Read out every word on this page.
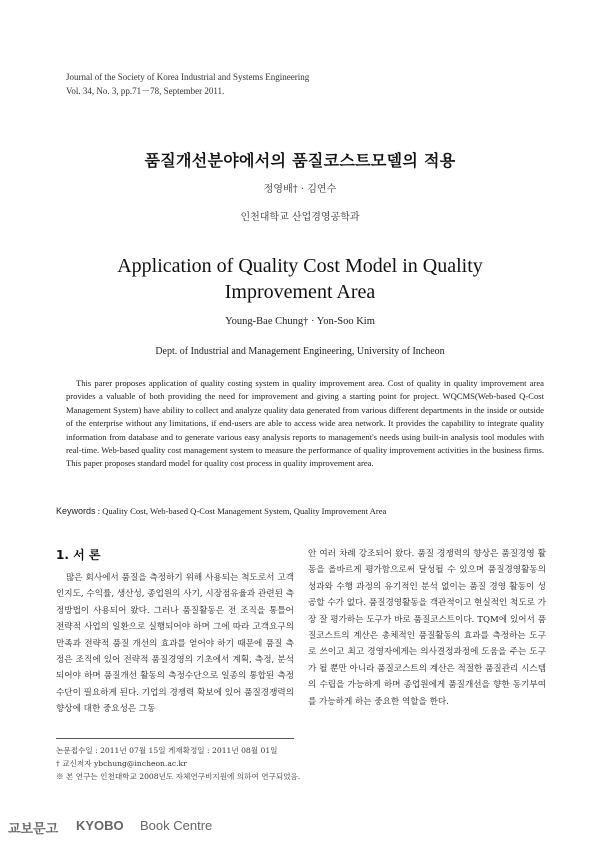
Journal of the Society of Korea Industrial and Systems Engineering
Vol. 34, No. 3, pp.71－78, September 2011.
품질개선분야에서의 품질코스트모델의 적용
정영배† · 김연수
인천대학교 산업경영공학과
Application of Quality Cost Model in Quality
Improvement Area
Young-Bae Chung† · Yon-Soo Kim
Dept. of Industrial and Management Engineering, University of Incheon
This parer proposes application of quality costing system in quality improvement area. Cost of quality in quality improvement area provides a valuable of both providing the need for improvement and giving a starting point for project. WQCMS(Web-based Q-Cost Management System) have ability to collect and analyze quality data generated from various different departments in the inside or outside of the enterprise without any limitations, if end-users are able to access wide area network. It provides the capability to integrate quality information from database and to generate various easy analysis reports to management's needs using built-in analysis tool modules with real-time. Web-based quality cost management system to measure the performance of quality improvement activities in the business firms. This paper proposes standard model for quality cost process in quality improvement area.
Keywords : Quality Cost, Web-based Q-Cost Management System, Quality Improvement Area
1. 서 론
많은 회사에서 품질을 측정하기 위해 사용되는 척도로서 고객인지도, 수익률, 생산성, 종업원의 사기, 시장점유율과 관련된 측정방법이 사용되어 왔다. 그러나 품질활동은 전 조직을 통틀어 전략적 사업의 일환으로 실행되어야 하며 그에 따라 고객요구의 만족과 전략적 품질 개선의 효과를 얻어야 하기 때문에 품질 측정은 조직에 있어 전략적 품질경영의 기초에서 계획, 측정, 분석되어야 하며 품질개선 활동의 측정수단으로 일종의 통합된 측정 수단이 필요하게 된다. 기업의 경쟁력 확보에 있어 품질경쟁력의 향상에 대한 중요성은 그동
안 여러 차례 강조되어 왔다. 품질 경쟁력의 향상은 품질경영 활동을 올바르게 평가함으로써 달성될 수 있으며 품질경영활동의 성과와 수행 과정의 유기적인 분석 없이는 품질 경영 활동이 성공할 수가 없다. 품질경영활동을 객관적이고 현실적인 척도로 가장 잘 평가하는 도구가 바로 품질코스트이다. TQM에 있어서 품질코스트의 계산은 총체적인 품질활동의 효과를 측정하는 도구로 쓰이고 최고 경영자에게는 의사결정과정에 도움을 주는 도구가 될 뿐만 아니라 품질코스트의 계산은 적절한 품질관리 시스템의 수립을 가능하게 하며 종업원에게 품질개선을 향한 동기부여를 가능하게 하는 중요한 역할을 한다.
논문접수일 : 2011년 07월 15일 게재확정일 : 2011년 08월 01일
† 교신저자 ybchung@incheon.ac.kr
※ 본 연구는 인천대학교 2008년도 자체연구비지원에 의하여 연구되었음.
교보문고 KYOBO Book Centre
